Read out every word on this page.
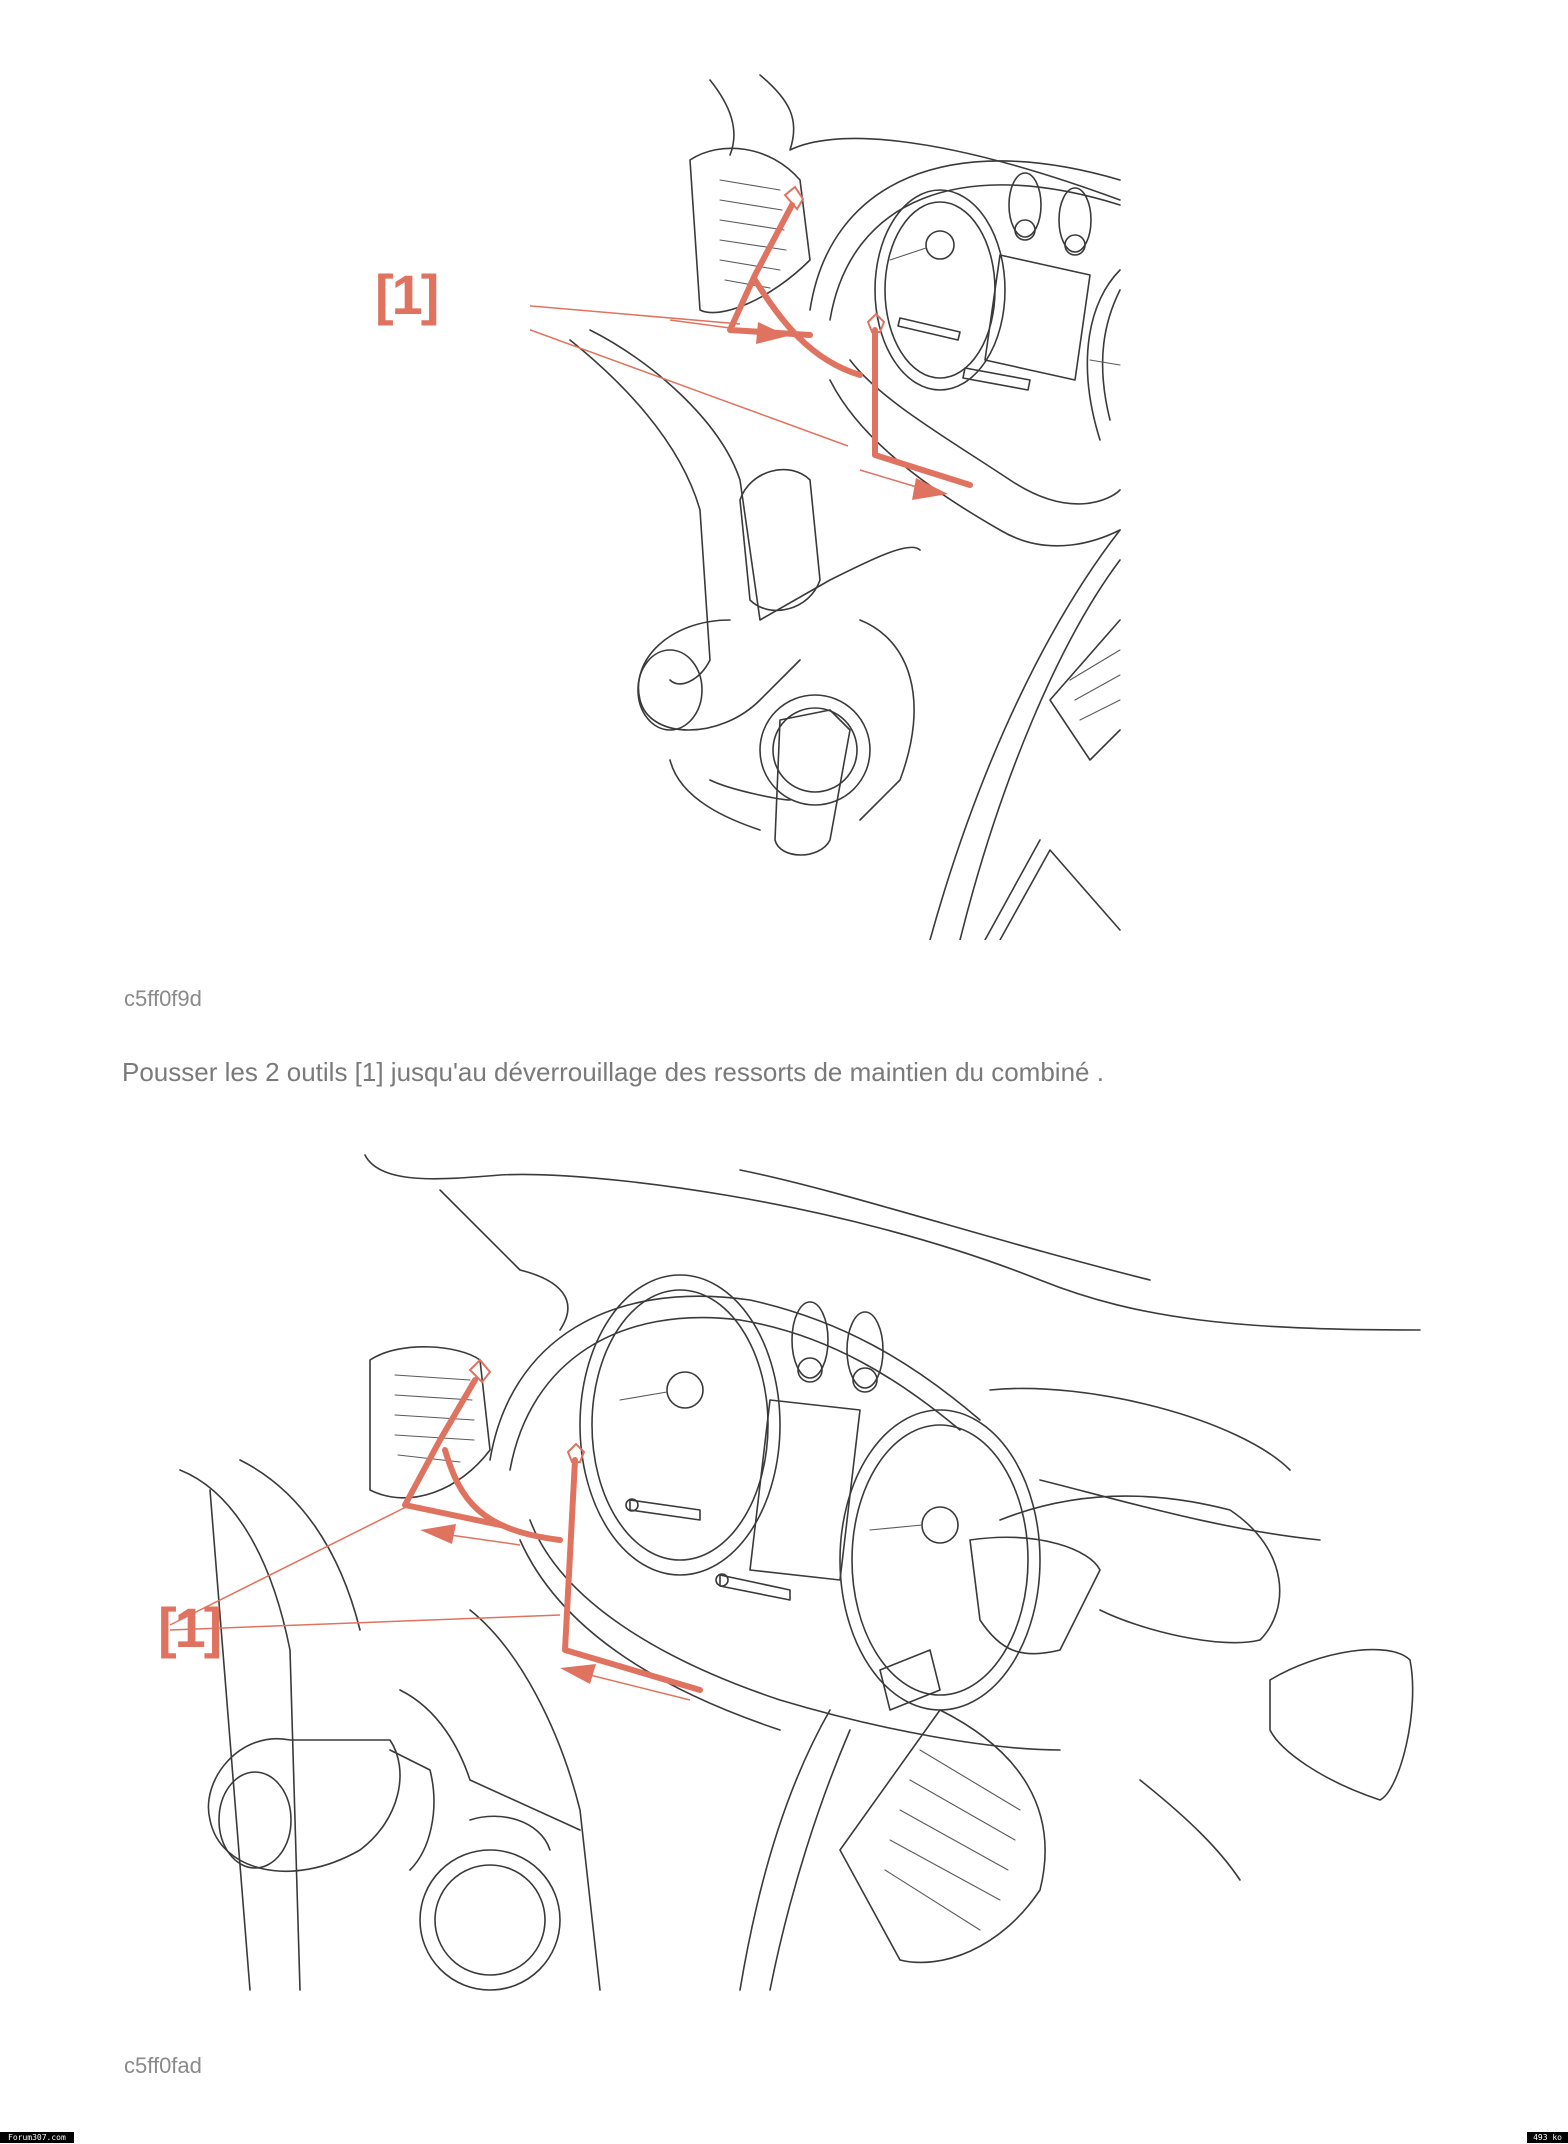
[1]
c5ff0f9d
Pousser les 2 outils [1] jusqu'au déverrouillage des ressorts de maintien du combiné .
[1]
c5ff0fad
Forum307.com	493 ko
